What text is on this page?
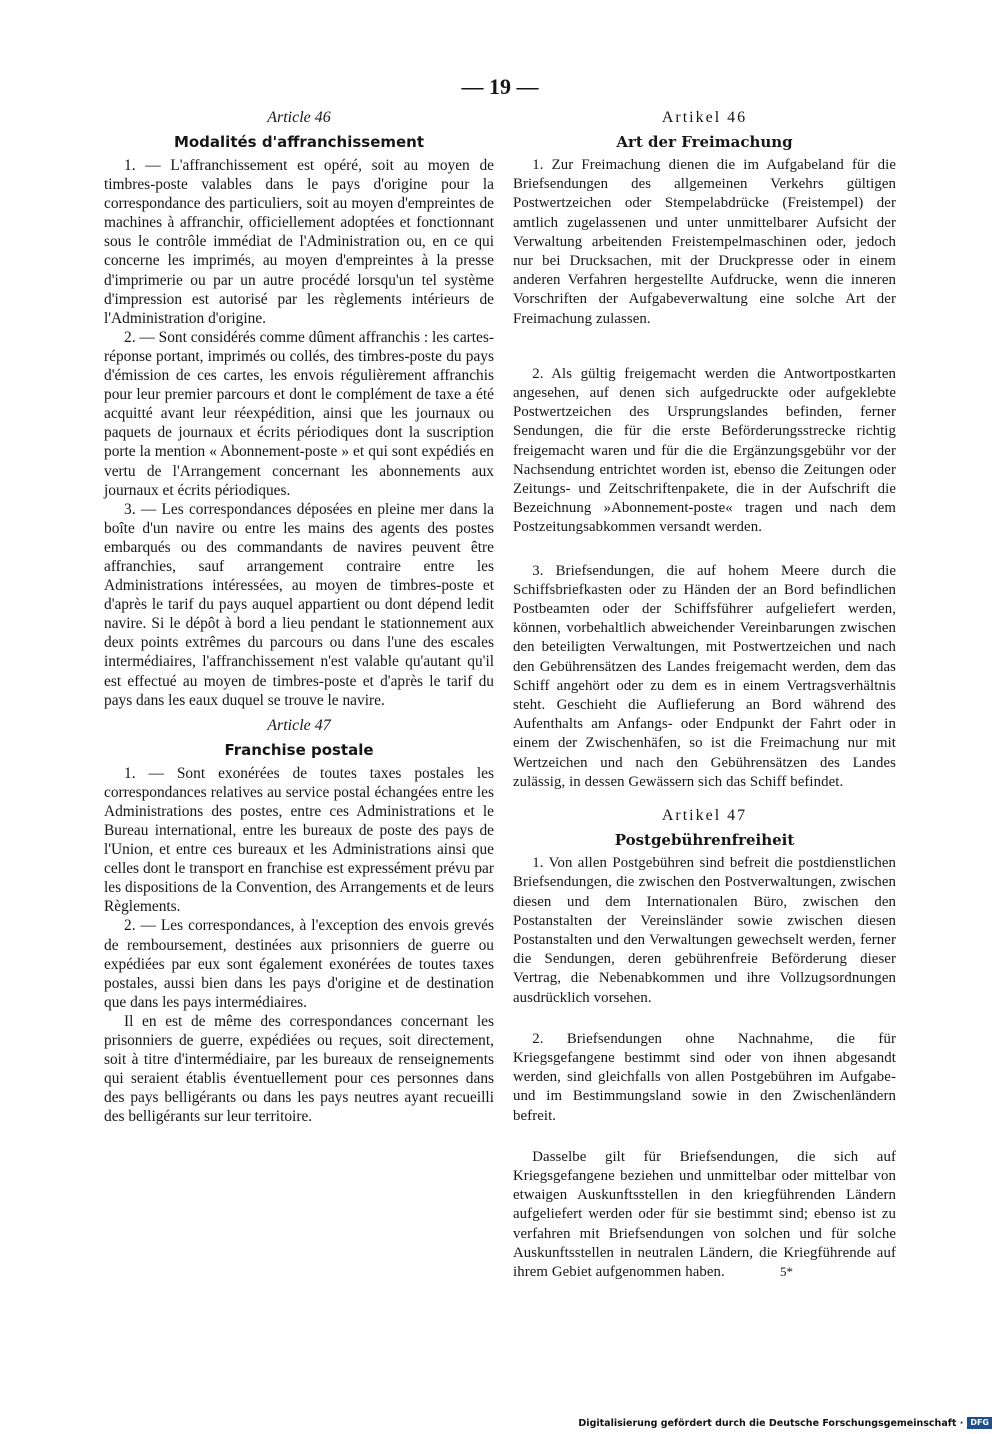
— 19 —

Article 46

Modalités d'affranchissement

1. — L'affranchissement est opéré, soit au moyen de timbres-poste valables dans le pays d'origine pour la correspondance des particuliers, soit au moyen d'empreintes de machines à affranchir, officiellement adoptées et fonctionnant sous le contrôle immédiat de l'Administration ou, en ce qui concerne les imprimés, au moyen d'empreintes à la presse d'imprimerie ou par un autre procédé lorsqu'un tel système d'impression est autorisé par les règlements intérieurs de l'Administration d'origine.

2. — Sont considérés comme dûment affranchis : les cartes-réponse portant, imprimés ou collés, des timbres-poste du pays d'émission de ces cartes, les envois régulièrement affranchis pour leur premier parcours et dont le complément de taxe a été acquitté avant leur réexpédition, ainsi que les journaux ou paquets de journaux et écrits périodiques dont la suscription porte la mention « Abonnement-poste » et qui sont expédiés en vertu de l'Arrangement concernant les abonnements aux journaux et écrits périodiques.

3. — Les correspondances déposées en pleine mer dans la boîte d'un navire ou entre les mains des agents des postes embarqués ou des commandants de navires peuvent être affranchies, sauf arrangement contraire entre les Administrations intéressées, au moyen de timbres-poste et d'après le tarif du pays auquel appartient ou dont dépend ledit navire. Si le dépôt à bord a lieu pendant le stationnement aux deux points extrêmes du parcours ou dans l'une des escales intermédiaires, l'affranchissement n'est valable qu'autant qu'il est effectué au moyen de timbres-poste et d'après le tarif du pays dans les eaux duquel se trouve le navire.

Article 47

Franchise postale

1. — Sont exonérées de toutes taxes postales les correspondances relatives au service postal échangées entre les Administrations des postes, entre ces Administrations et le Bureau international, entre les bureaux de poste des pays de l'Union, et entre ces bureaux et les Administrations ainsi que celles dont le transport en franchise est expressément prévu par les dispositions de la Convention, des Arrangements et de leurs Règlements.

2. — Les correspondances, à l'exception des envois grevés de remboursement, destinées aux prisonniers de guerre ou expédiées par eux sont également exonérées de toutes taxes postales, aussi bien dans les pays d'origine et de destination que dans les pays intermédiaires.

Il en est de même des correspondances concernant les prisonniers de guerre, expédiées ou reçues, soit directement, soit à titre d'intermédiaire, par les bureaux de renseignements qui seraient établis éventuellement pour ces personnes dans des pays belligérants ou dans les pays neutres ayant recueilli des belligérants sur leur territoire.

Artikel 46

Art der Freimachung

1. Zur Freimachung dienen die im Aufgabeland für die Briefsendungen des allgemeinen Verkehrs gültigen Postwertzeichen oder Stempelabdrücke (Freistempel) der amtlich zugelassenen und unter unmittelbarer Aufsicht der Verwaltung arbeitenden Freistempelmaschinen oder, jedoch nur bei Drucksachen, mit der Druckpresse oder in einem anderen Verfahren hergestellte Aufdrucke, wenn die inneren Vorschriften der Aufgabeverwaltung eine solche Art der Freimachung zulassen.

2. Als gültig freigemacht werden die Antwortpostkarten angesehen, auf denen sich aufgedruckte oder aufgeklebte Postwertzeichen des Ursprungslandes befinden, ferner Sendungen, die für die erste Beförderungsstrecke richtig freigemacht waren und für die die Ergänzungsgebühr vor der Nachsendung entrichtet worden ist, ebenso die Zeitungen oder Zeitungs- und Zeitschriftenpakete, die in der Aufschrift die Bezeichnung »Abonnement-poste« tragen und nach dem Postzeitungsabkommen versandt werden.

3. Briefsendungen, die auf hohem Meere durch die Schiffsbriefkasten oder zu Händen der an Bord befindlichen Postbeamten oder der Schiffsführer aufgeliefert werden, können, vorbehaltlich abweichender Vereinbarungen zwischen den beteiligten Verwaltungen, mit Postwertzeichen und nach den Gebührensätzen des Landes freigemacht werden, dem das Schiff angehört oder zu dem es in einem Vertragsverhältnis steht. Geschieht die Auflieferung an Bord während des Aufenthalts am Anfangs- oder Endpunkt der Fahrt oder in einem der Zwischenhäfen, so ist die Freimachung nur mit Wertzeichen und nach den Gebührensätzen des Landes zulässig, in dessen Gewässern sich das Schiff befindet.

Artikel 47

Postgebührenfreiheit

1. Von allen Postgebühren sind befreit die postdienstlichen Briefsendungen, die zwischen den Postverwaltungen, zwischen diesen und dem Internationalen Büro, zwischen den Postanstalten der Vereinsländer sowie zwischen diesen Postanstalten und den Verwaltungen gewechselt werden, ferner die Sendungen, deren gebührenfreie Beförderung dieser Vertrag, die Nebenabkommen und ihre Vollzugsordnungen ausdrücklich vorsehen.

2. Briefsendungen ohne Nachnahme, die für Kriegsgefangene bestimmt sind oder von ihnen abgesandt werden, sind gleichfalls von allen Postgebühren im Aufgabe- und im Bestimmungsland sowie in den Zwischenländern befreit.

Dasselbe gilt für Briefsendungen, die sich auf Kriegsgefangene beziehen und unmittelbar oder mittelbar von etwaigen Auskunftsstellen in den kriegführenden Ländern aufgeliefert werden oder für sie bestimmt sind; ebenso ist zu verfahren mit Briefsendungen von solchen und für solche Auskunftsstellen in neutralen Ländern, die Kriegführende auf ihrem Gebiet aufgenommen haben.	5*
Digitalisierung gefördert durch die Deutsche Forschungsgemeinschaft · DFG
